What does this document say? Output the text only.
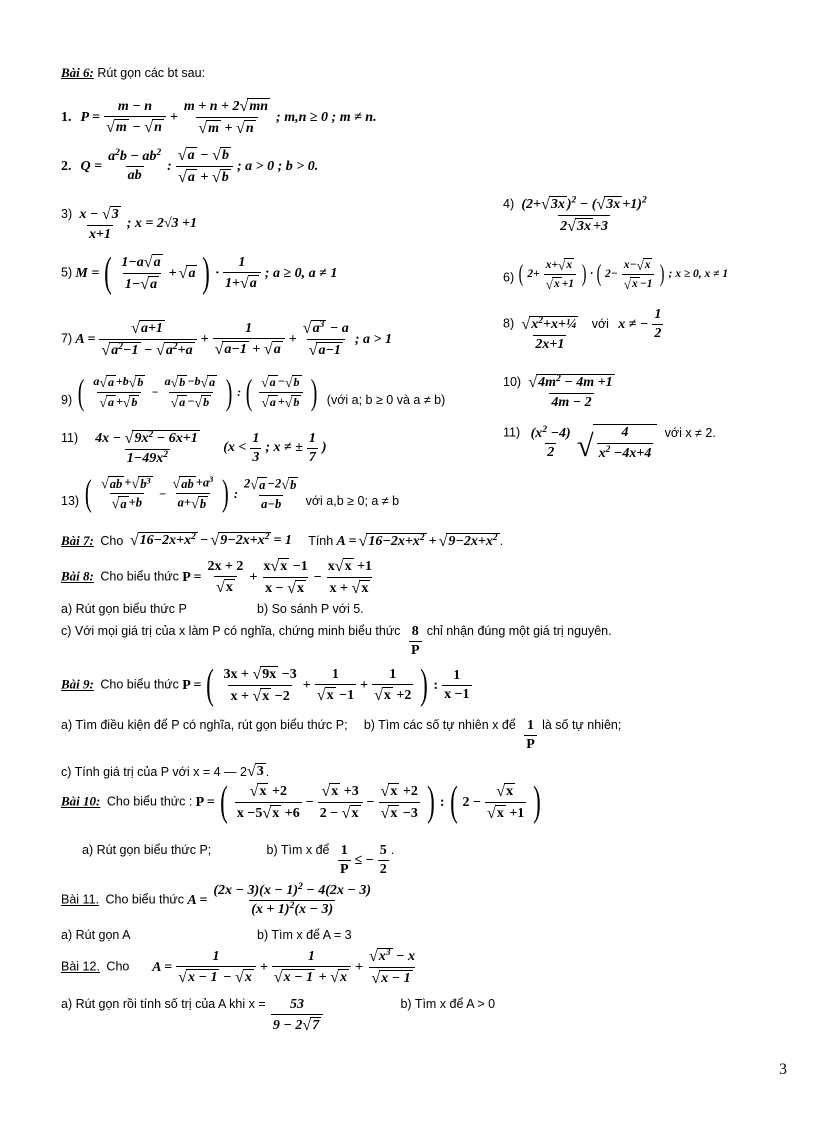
Bài 6: Rút gọn các bt sau:
1. P =
m − n
√ m − √ n
+
m + n + 2 √ mn
√ m + √ n
; m,n ≥ 0 ; m ≠ n.
2. Q =
$a^2b - ab^2$
ab
:
√ a − √ b
√ a + √ b
; a > 0 ; b > 0.
3) x − √ 3
x+1
; x = 2√3 +1
4) (2+ √ 3x )$^2$ − ( √ 3x +1)$^2$
2 √ 3x +3
5) M = ( 1−a √ a
1− √ a
+ √ a ) ·
1
1+ √ a
; a ≥ 0, a ≠ 1	6) ( 2+
x+ √ x
√ x +1 ) · ( 2−
x− √ x
√ x −1 ) ; x ≥ 0, x ≠ 1
7) A =
√ a+1
√ $a^2-1$ − √ $a^2+a$
+
1
√ a−1 + √ a
+
√ $a^3 - a$
√ a−1
; a > 1
8) √ $x^2+x+\frac{1}{4}$
2x+1
với x ≠ − $\frac{1}{2}$
9) ( a √ a +b √ b
√ a + √ b
−
a √ b −b √ a
√ a − √ b ) : ( √ a − √ b
√ a + √ b ) (với a; b ≥ 0 và a ≠ b)
10) √ $4m^2 - 4m +1$
4m − 2
11) 4x − √ $9x^2 - 6x+1$
$1-49x^2$	(x <
1
3
; x ≠ ±
1
7
)
11) $(x^2 -4)$
2 √ $\frac{4}{x^2 -4x+4}$ với x ≠ 2.
13) ( √ ab + √ $b^3$
√ a +b
−
√ ab $+a^3$
a+ √ b ) :
2 √ a −2 √ b
a−b với a,b ≥ 0; a ≠ b
Bài 7: Cho √ $16-2x+x^2$ − √ $9-2x+x^2 = 1$ Tính A = √ $16-2x+x^2$ + √ $9-2x+x^2$ .
Bài 8: Cho biểu thức P =
2x + 2
√ x
+
x √ x −1
x − √ x
−
x √ x +1
x + √ x
a) Rút gọn biểu thức P	b) So sánh P với 5.
c) Với mọi giá trị của x làm P có nghĩa, chứng minh biểu thức 8
P
chỉ nhận đúng một giá trị nguyên.
Bài 9: Cho biểu thức P = ( 3x + √ 9x −3
x + √ x −2
+
1
√ x −1
+
1
√ x +2 ) :
1
x −1
a) Tìm điều kiện để P có nghĩa, rút gọn biểu thức P; b) Tìm các số tự nhiên x để 1
P
là số tự nhiên;
c) Tính giá trị của P với x = 4 — 2 √ 3 .
Bài 10: Cho biểu thức : P = ( √ x +2
x −5 √ x +6
−
√ x +3
2 − √ x
−
√ x +2
√ x −3 ) : ( 2 −
√ x
√ x +1 )
a) Rút gọn biểu thức P;	b) Tìm x để 1
P
≤ −
5
2
.
Bài 11. Cho biểu thức A =
$(2x - 3)(x - 1)^2 - 4(2x - 3)$
$(x + 1)^2(x - 3)$
a) Rút gọn A	b) Tìm x để A = 3
Bài 12. Cho A =
1
√ x − 1 − √ x
+
1
√ x − 1 + √ x
+
√ $x^3 - x$
√ x − 1
a) Rút gọn rồi tính số trị của A khi x = 53
9 − 2 √ 7
b) Tìm x để A > 0
3
